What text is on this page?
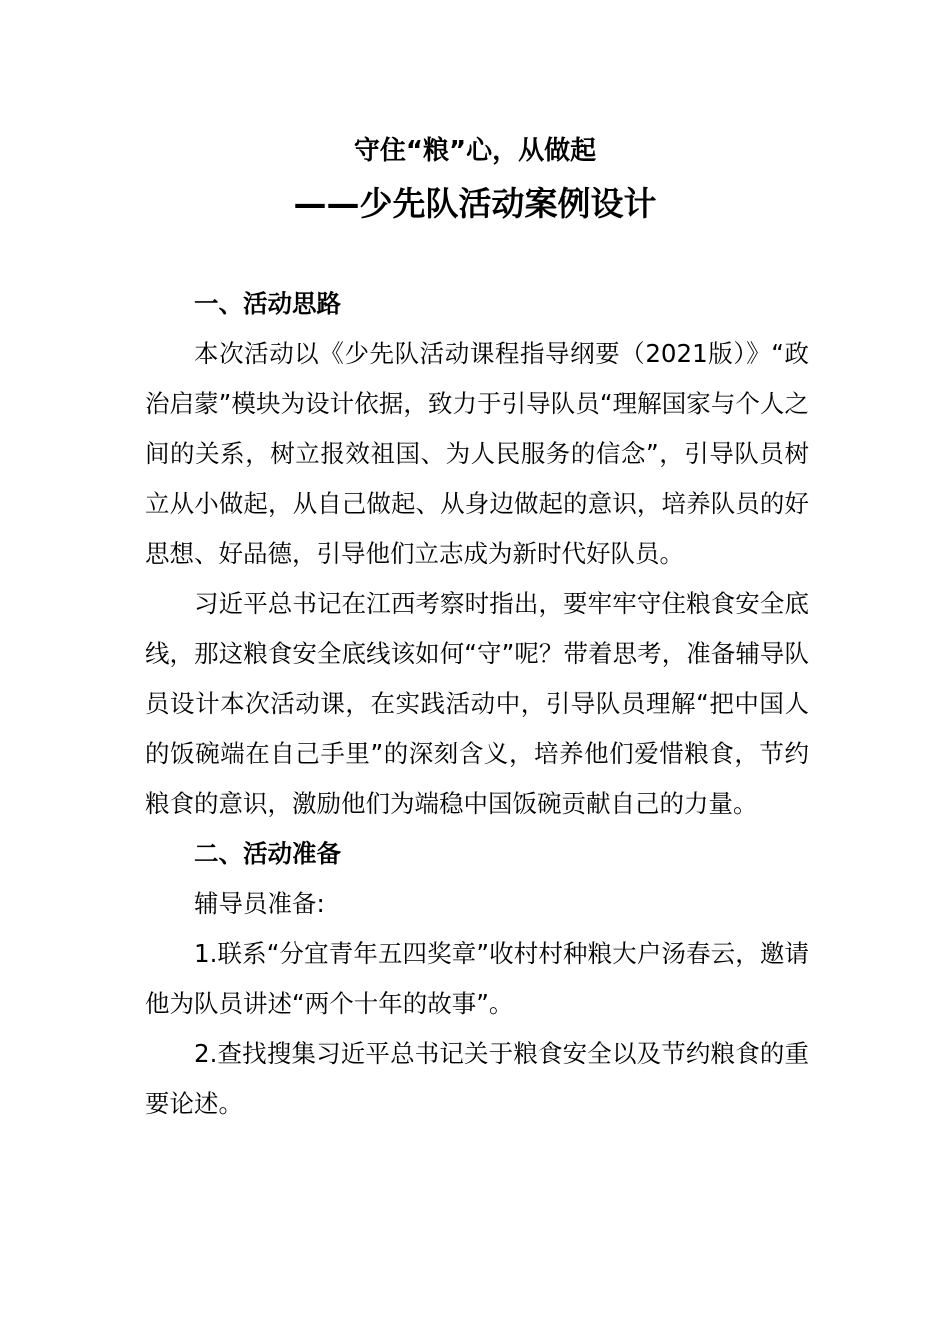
守住“粮”心，从做起
——少先队活动案例设计

一、活动思路

本次活动以《少先队活动课程指导纲要（2021版）》“政治启蒙”模块为设计依据，致力于引导队员“理解国家与个人之间的关系，树立报效祖国、为人民服务的信念”，引导队员树立从小做起，从自己做起、从身边做起的意识，培养队员的好思想、好品德，引导他们立志成为新时代好队员。

习近平总书记在江西考察时指出，要牢牢守住粮食安全底线，那这粮食安全底线该如何“守”呢？带着思考，准备辅导队员设计本次活动课，在实践活动中，引导队员理解“把中国人的饭碗端在自己手里”的深刻含义，培养他们爱惜粮食，节约粮食的意识，激励他们为端稳中国饭碗贡献自己的力量。

二、活动准备

辅导员准备:

1.联系“分宜青年五四奖章”收村村种粮大户汤春云，邀请他为队员讲述“两个十年的故事”。

2.查找搜集习近平总书记关于粮食安全以及节约粮食的重要论述。
